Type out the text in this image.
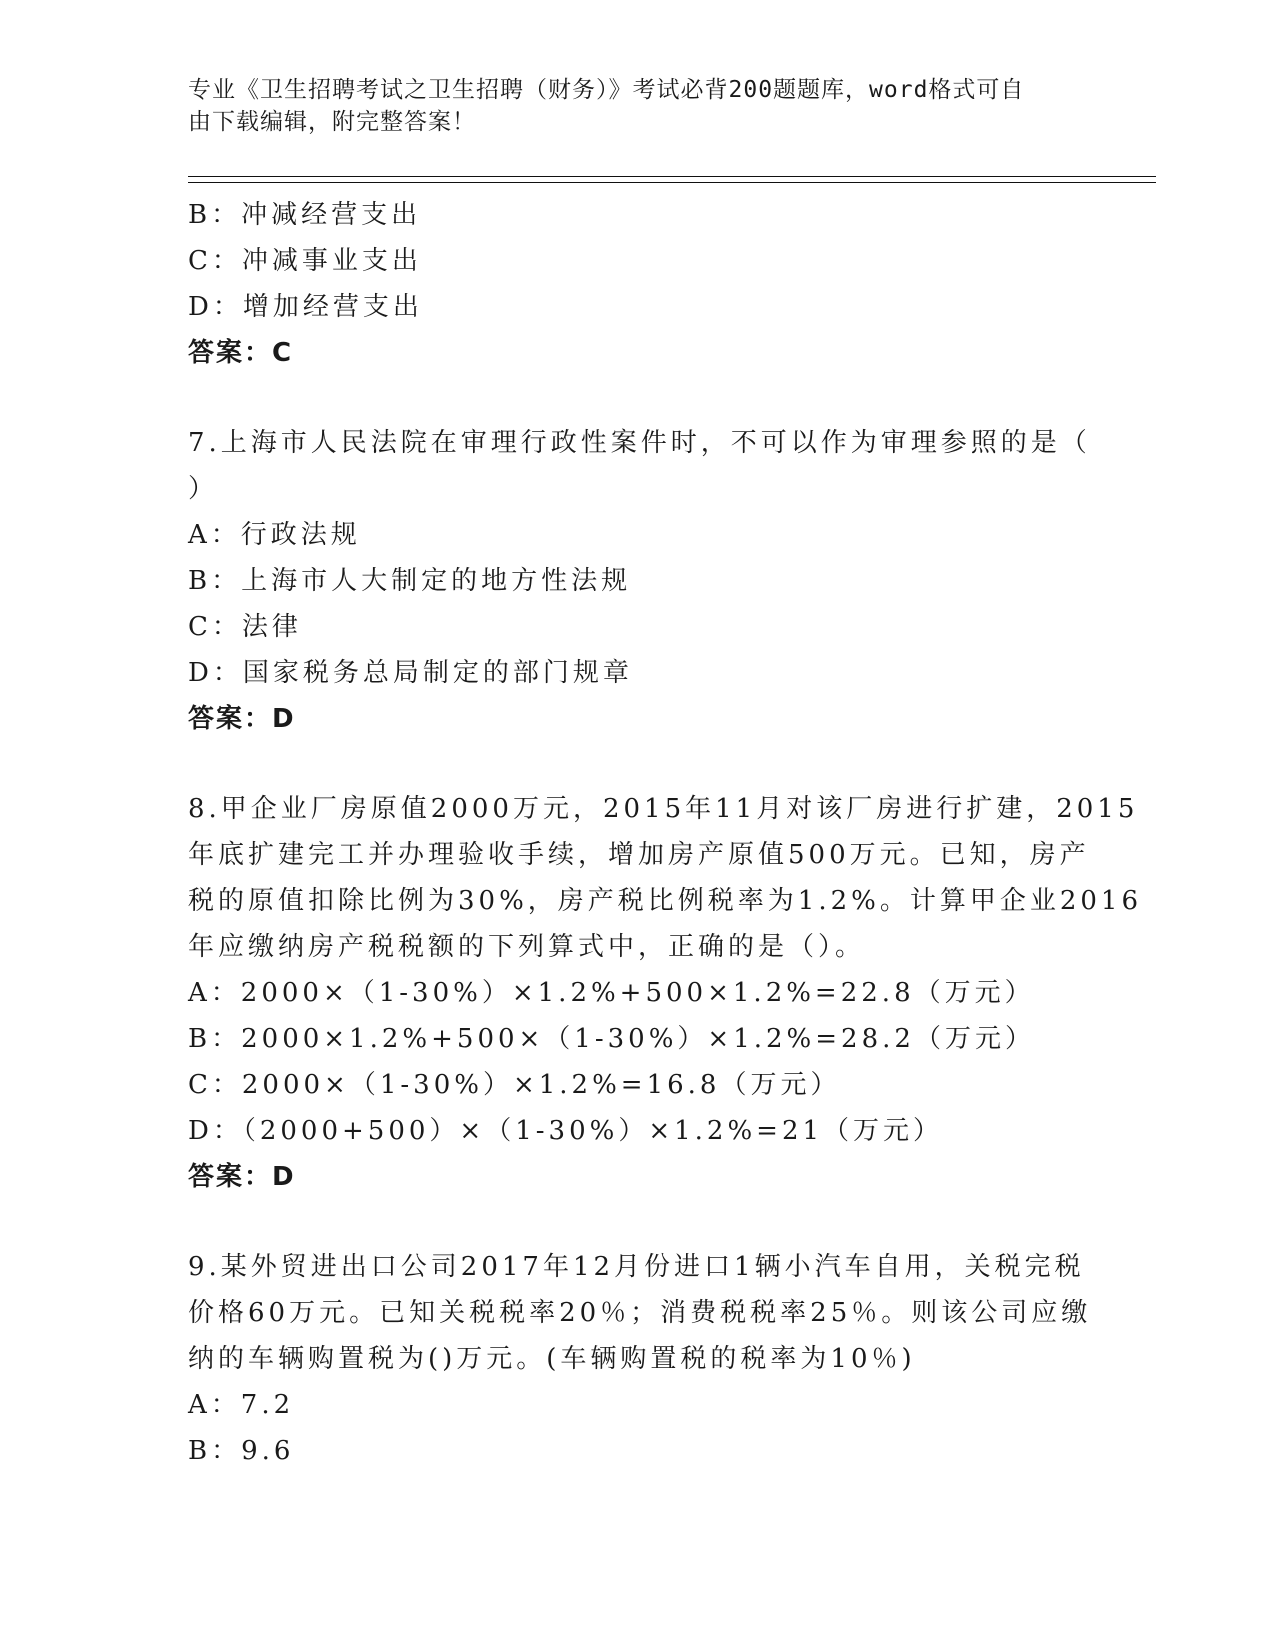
专业《卫生招聘考试之卫生招聘（财务）》考试必背200题题库，word格式可自
由下载编辑，附完整答案！
B：冲减经营支出
C：冲减事业支出
D：增加经营支出
答案：C
7.上海市人民法院在审理行政性案件时，不可以作为审理参照的是（
）
A：行政法规
B：上海市人大制定的地方性法规
C：法律
D：国家税务总局制定的部门规章
答案：D
8.甲企业厂房原值2000万元，2015年11月对该厂房进行扩建，2015
年底扩建完工并办理验收手续，增加房产原值500万元。已知，房产
税的原值扣除比例为30%，房产税比例税率为1.2%。计算甲企业2016
年应缴纳房产税税额的下列算式中，正确的是（）。
A：2000×（1-30%）×1.2%+500×1.2%=22.8（万元）
B：2000×1.2%+500×（1-30%）×1.2%=28.2（万元）
C：2000×（1-30%）×1.2%=16.8（万元）
D：（2000+500）×（1-30%）×1.2%=21（万元）
答案：D
9.某外贸进出口公司2017年12月份进口1辆小汽车自用，关税完税
价格60万元。已知关税税率20％；消费税税率25％。则该公司应缴
纳的车辆购置税为()万元。(车辆购置税的税率为10％)
A：7.2
B：9.6
